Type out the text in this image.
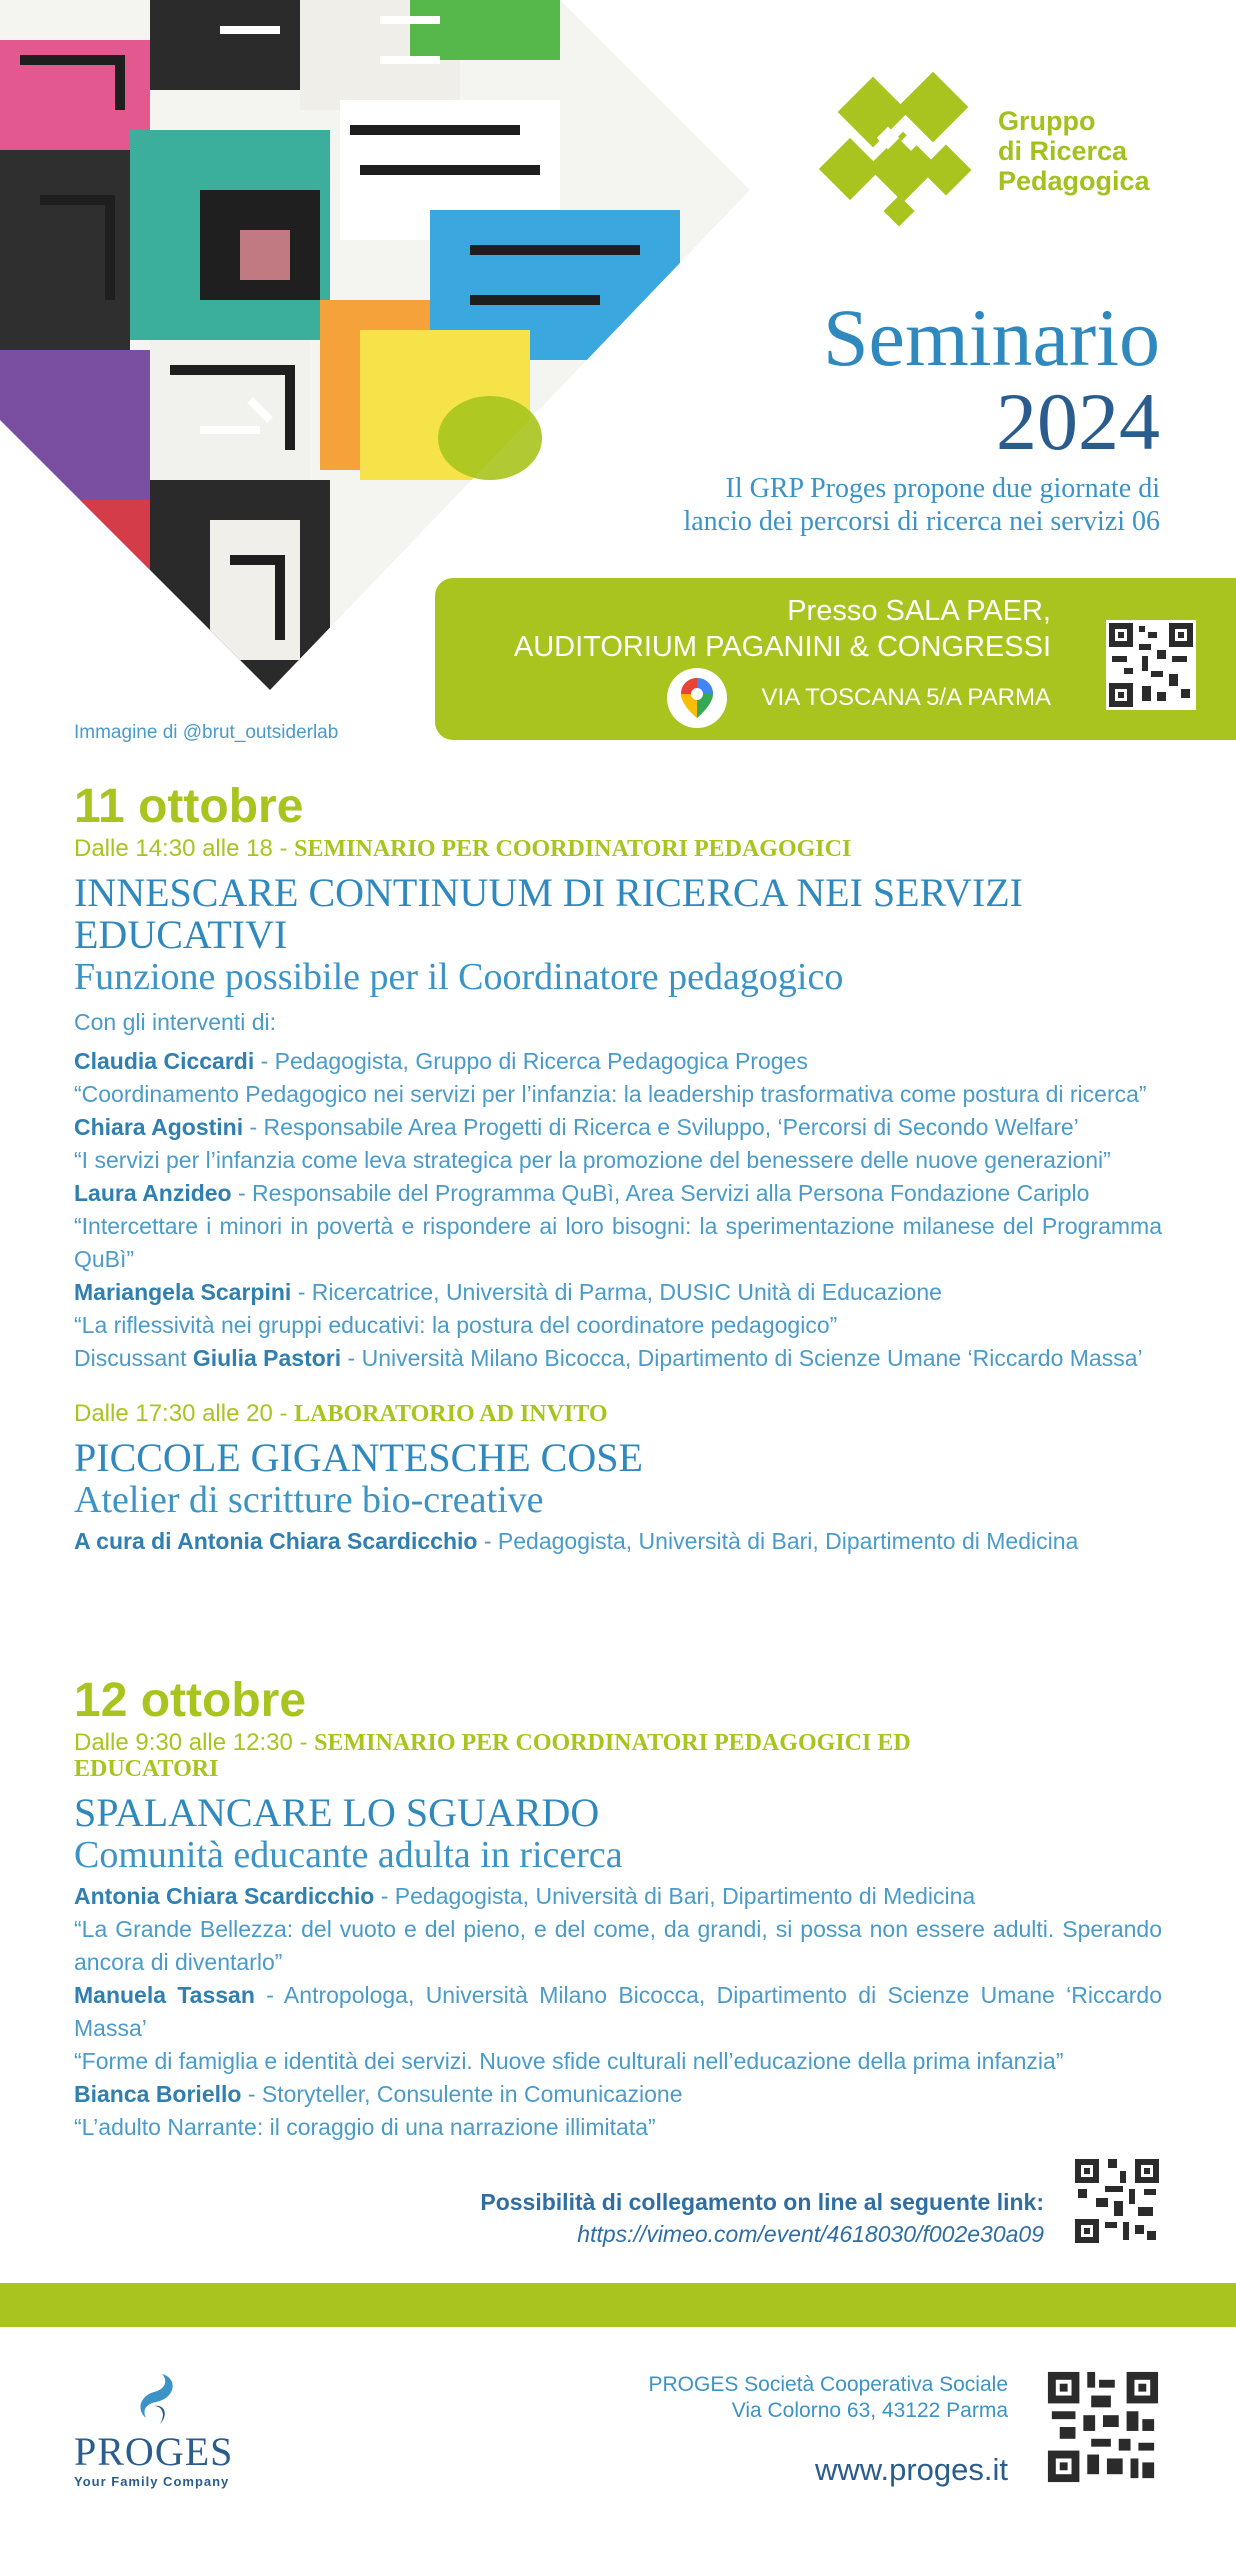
Gruppo
di Ricerca
Pedagogica
Seminario
2024
Il GRP Proges propone due giornate di
lancio dei percorsi di ricerca nei servizi 06
Presso SALA PAER,
AUDITORIUM PAGANINI & CONGRESSI
VIA TOSCANA 5/A PARMA
Immagine di @brut_outsiderlab
11 ottobre
Dalle 14:30 alle 18 - SEMINARIO PER COORDINATORI PEDAGOGICI
INNESCARE CONTINUUM DI RICERCA NEI SERVIZI
EDUCATIVI
Funzione possibile per il Coordinatore pedagogico
Con gli interventi di:
Claudia Ciccardi - Pedagogista, Gruppo di Ricerca Pedagogica Proges
“Coordinamento Pedagogico nei servizi per l’infanzia: la leadership trasformativa come postura di ricerca”
Chiara Agostini - Responsabile Area Progetti di Ricerca e Sviluppo, ‘Percorsi di Secondo Welfare’
“I servizi per l’infanzia come leva strategica per la promozione del benessere delle nuove generazioni”
Laura Anzideo - Responsabile del Programma QuBì, Area Servizi alla Persona Fondazione Cariplo
“Intercettare i minori in povertà e rispondere ai loro bisogni: la sperimentazione milanese del Programma QuBì”
Mariangela Scarpini - Ricercatrice, Università di Parma, DUSIC Unità di Educazione
“La riflessività nei gruppi educativi: la postura del coordinatore pedagogico”
Discussant Giulia Pastori - Università Milano Bicocca, Dipartimento di Scienze Umane ‘Riccardo Massa’
Dalle 17:30 alle 20 - LABORATORIO AD INVITO
PICCOLE GIGANTESCHE COSE
Atelier di scritture bio-creative
A cura di Antonia Chiara Scardicchio - Pedagogista, Università di Bari, Dipartimento di Medicina
12 ottobre
Dalle 9:30 alle 12:30 - SEMINARIO PER COORDINATORI PEDAGOGICI ED
EDUCATORI
SPALANCARE LO SGUARDO
Comunità educante adulta in ricerca
Antonia Chiara Scardicchio - Pedagogista, Università di Bari, Dipartimento di Medicina
“La Grande Bellezza: del vuoto e del pieno, e del come, da grandi, si possa non essere adulti. Sperando ancora di diventarlo”
Manuela Tassan - Antropologa, Università Milano Bicocca, Dipartimento di Scienze Umane ‘Riccardo Massa’
“Forme di famiglia e identità dei servizi. Nuove sfide culturali nell’educazione della prima infanzia”
Bianca Boriello - Storyteller, Consulente in Comunicazione
“L’adulto Narrante: il coraggio di una narrazione illimitata”
Possibilità di collegamento on line al seguente link:
https://vimeo.com/event/4618030/f002e30a09
PROGES
Your Family Company
PROGES Società Cooperativa Sociale
Via Colorno 63, 43122 Parma
www.proges.it
